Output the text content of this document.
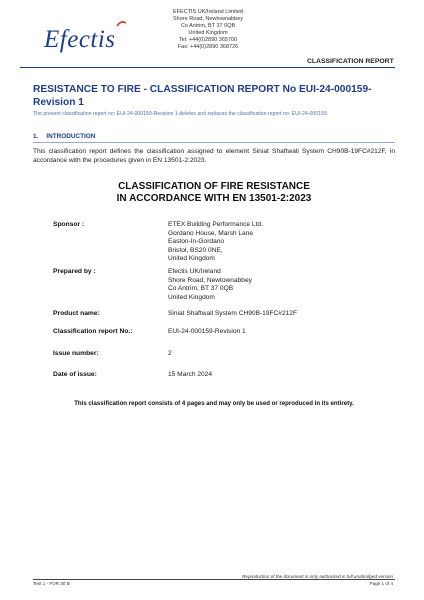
Efectis
EFECTIS UK/Ireland Limited
Shore Road, Newtownabbey
Co Antrim, BT 37 0QB
United Kingdom
Tel: +44(0)2890 365700
Fax: +44(0)2890 368726
CLASSIFICATION REPORT
RESISTANCE TO FIRE - CLASSIFICATION REPORT No EUI-24-000159-Revision 1
The present classification report no: EUI-24-000159-Revision 1 deletes and replaces the classification report no: EUI-24-000159.
1. INTRODUCTION
This classification report defines the classification assigned to element Siniat Shaftwall System CH90B-19FC#212F, in accordance with the procedures given in EN 13501-2:2023.
CLASSIFICATION OF FIRE RESISTANCE
IN ACCORDANCE WITH EN 13501-2:2023
Sponsor :	ETEX Building Performance Ltd.
Gordano House, Marsh Lane
Easton-In-Gordano
Bristol, BS20 0NE,
United Kingdom
Prepared by :	Efectis UK/Ireland
Shore Road, Newtownabbey
Co Antrim, BT 37 0QB
United Kingdom
Product name:	Siniat Shaftwall System CH90B-19FC#212F
Classification report No.:	EUI-24-000159-Revision 1
Issue number:	2
Date of issue:	15 March 2024
This classification report consists of 4 pages and may only be used or reproduced in its entirety.
Reproduction of the document is only authorized in full unabridged version
Test 1 - FOR 30 B	Page 1 of 4
